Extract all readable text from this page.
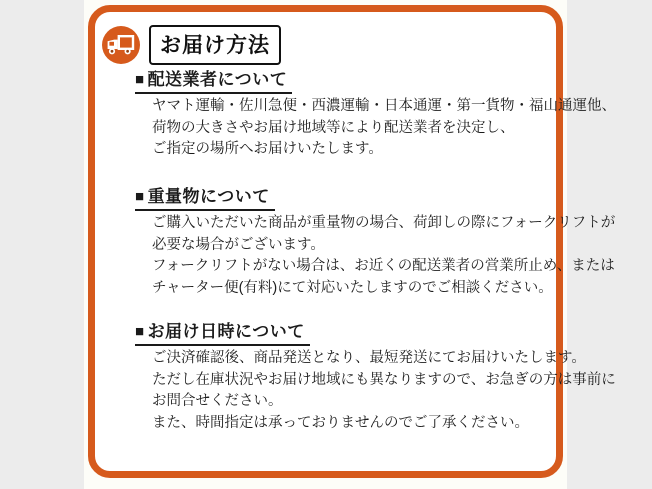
お届け方法
■ 配送業者について
ヤマト運輸・佐川急便・西濃運輸・日本通運・第一貨物・福山通運他、
荷物の大きさやお届け地域等により配送業者を決定し、
ご指定の場所へお届けいたします。
■ 重量物について
ご購入いただいた商品が重量物の場合、荷卸しの際にフォークリフトが
必要な場合がございます。
フォークリフトがない場合は、お近くの配送業者の営業所止め、または
チャーター便(有料)にて対応いたしますのでご相談ください。
■ お届け日時について
ご決済確認後、商品発送となり、最短発送にてお届けいたします。
ただし在庫状況やお届け地域にも異なりますので、お急ぎの方は事前に
お問合せください。
また、時間指定は承っておりませんのでご了承ください。
